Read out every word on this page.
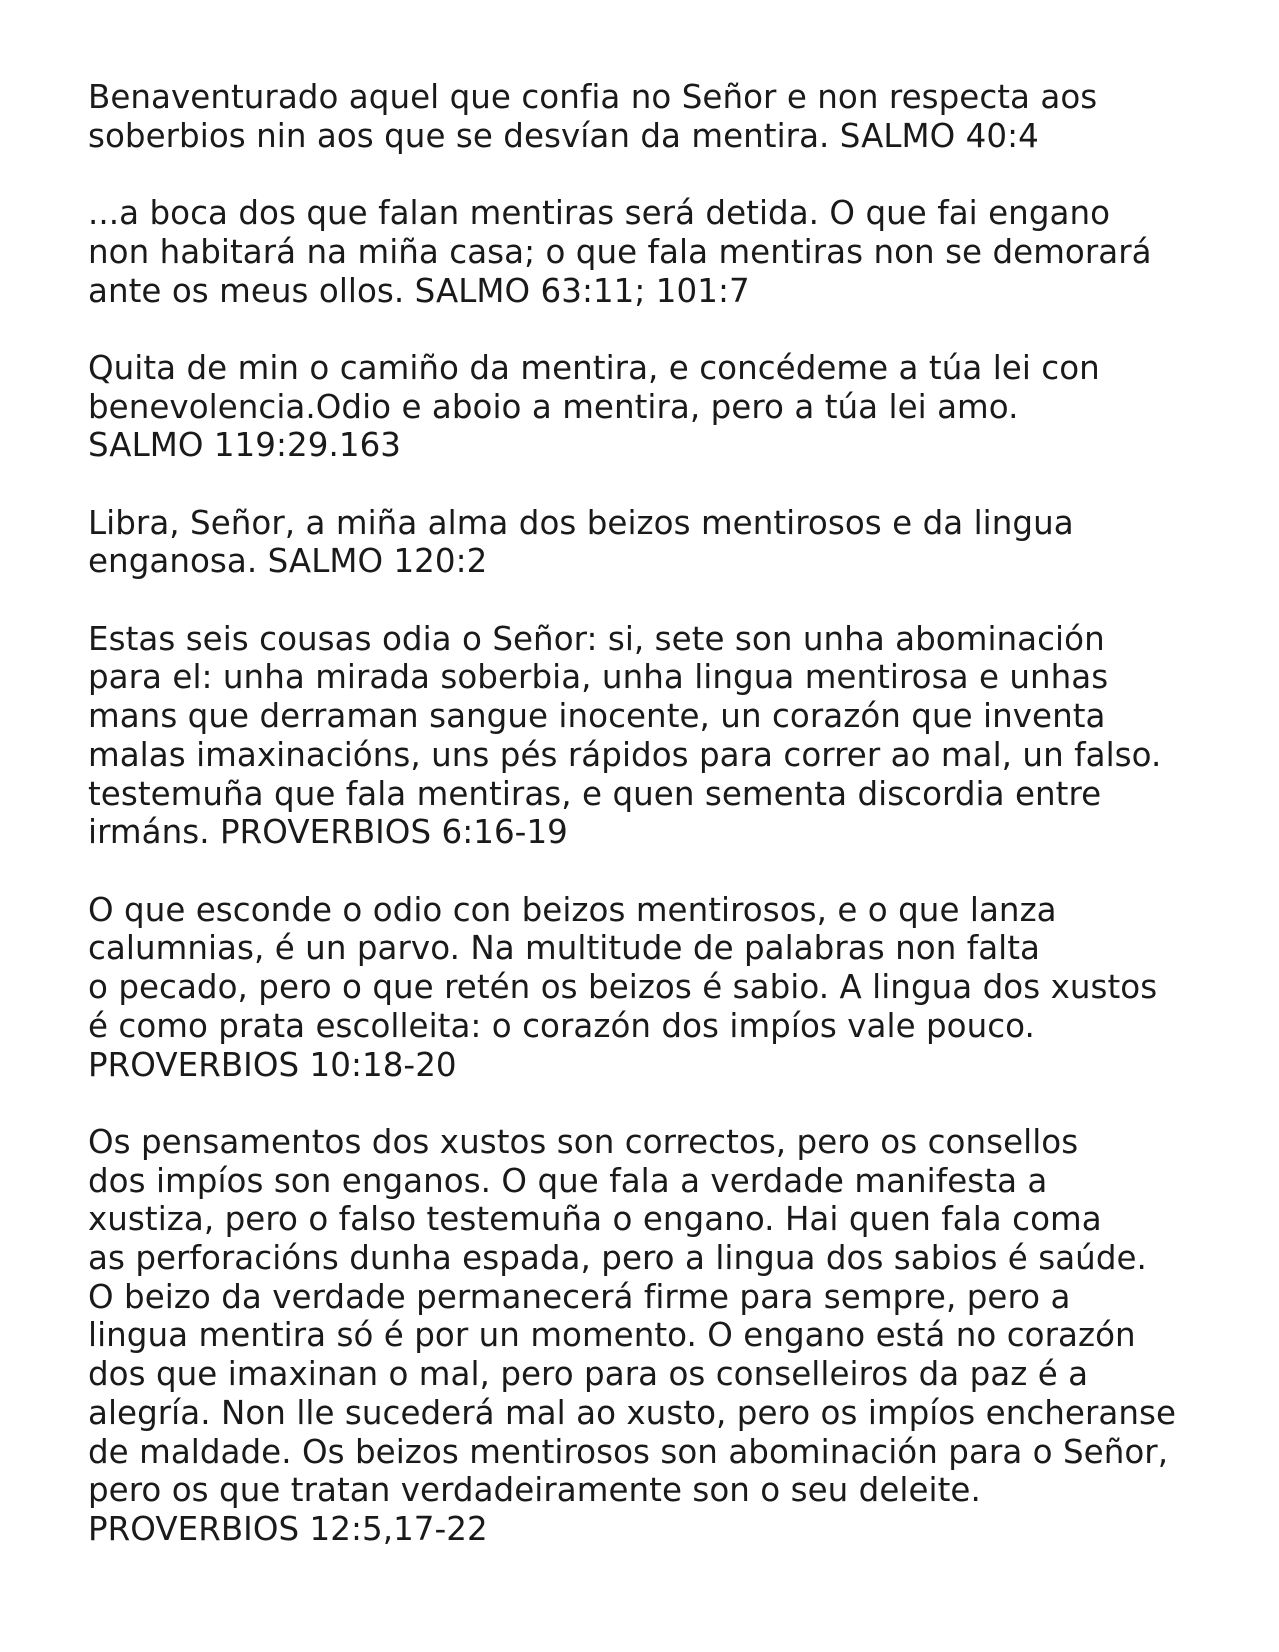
Benaventurado aquel que confia no Señor e non respecta aos
soberbios nin aos que se desvían da mentira. SALMO 40:4

...a boca dos que falan mentiras será detida. O que fai engano
non habitará na miña casa; o que fala mentiras non se demorará
ante os meus ollos. SALMO 63:11; 101:7

Quita de min o camiño da mentira, e concédeme a túa lei con
benevolencia.Odio e aboio a mentira, pero a túa lei amo.
SALMO 119:29.163

Libra, Señor, a miña alma dos beizos mentirosos e da lingua
enganosa. SALMO 120:2

Estas seis cousas odia o Señor: si, sete son unha abominación
para el: unha mirada soberbia, unha lingua mentirosa e unhas
mans que derraman sangue inocente, un corazón que inventa
malas imaxinacións, uns pés rápidos para correr ao mal, un falso.
testemuña que fala mentiras, e quen sementa discordia entre
irmáns. PROVERBIOS 6:16-19

O que esconde o odio con beizos mentirosos, e o que lanza
calumnias, é un parvo. Na multitude de palabras non falta
o pecado, pero o que retén os beizos é sabio. A lingua dos xustos
é como prata escolleita: o corazón dos impíos vale pouco.
PROVERBIOS 10:18-20

Os pensamentos dos xustos son correctos, pero os consellos
dos impíos son enganos. O que fala a verdade manifesta a
xustiza, pero o falso testemuña o engano. Hai quen fala coma
as perforacións dunha espada, pero a lingua dos sabios é saúde.
O beizo da verdade permanecerá firme para sempre, pero a
lingua mentira só é por un momento. O engano está no corazón
dos que imaxinan o mal, pero para os conselleiros da paz é a
alegría. Non lle sucederá mal ao xusto, pero os impíos encheranse
de maldade. Os beizos mentirosos son abominación para o Señor,
pero os que tratan verdadeiramente son o seu deleite.
PROVERBIOS 12:5,17-22
